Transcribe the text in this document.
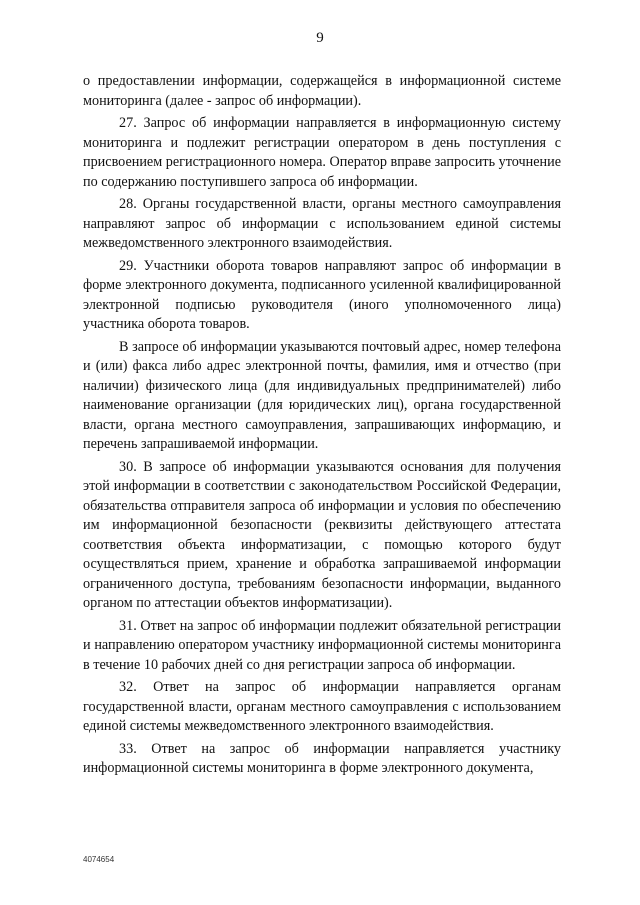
9

о предоставлении информации, содержащейся в информационной системе мониторинга (далее - запрос об информации).

27. Запрос об информации направляется в информационную систему мониторинга и подлежит регистрации оператором в день поступления с присвоением регистрационного номера. Оператор вправе запросить уточнение по содержанию поступившего запроса об информации.

28. Органы государственной власти, органы местного самоуправления направляют запрос об информации с использованием единой системы межведомственного электронного взаимодействия.

29. Участники оборота товаров направляют запрос об информации в форме электронного документа, подписанного усиленной квалифицированной электронной подписью руководителя (иного уполномоченного лица) участника оборота товаров.

В запросе об информации указываются почтовый адрес, номер телефона и (или) факса либо адрес электронной почты, фамилия, имя и отчество (при наличии) физического лица (для индивидуальных предпринимателей) либо наименование организации (для юридических лиц), органа государственной власти, органа местного самоуправления, запрашивающих информацию, и перечень запрашиваемой информации.

30. В запросе об информации указываются основания для получения этой информации в соответствии с законодательством Российской Федерации, обязательства отправителя запроса об информации и условия по обеспечению им информационной безопасности (реквизиты действующего аттестата соответствия объекта информатизации, с помощью которого будут осуществляться прием, хранение и обработка запрашиваемой информации ограниченного доступа, требованиям безопасности информации, выданного органом по аттестации объектов информатизации).

31. Ответ на запрос об информации подлежит обязательной регистрации и направлению оператором участнику информационной системы мониторинга в течение 10 рабочих дней со дня регистрации запроса об информации.

32. Ответ на запрос об информации направляется органам государственной власти, органам местного самоуправления с использованием единой системы межведомственного электронного взаимодействия.

33. Ответ на запрос об информации направляется участнику информационной системы мониторинга в форме электронного документа,

4074654
